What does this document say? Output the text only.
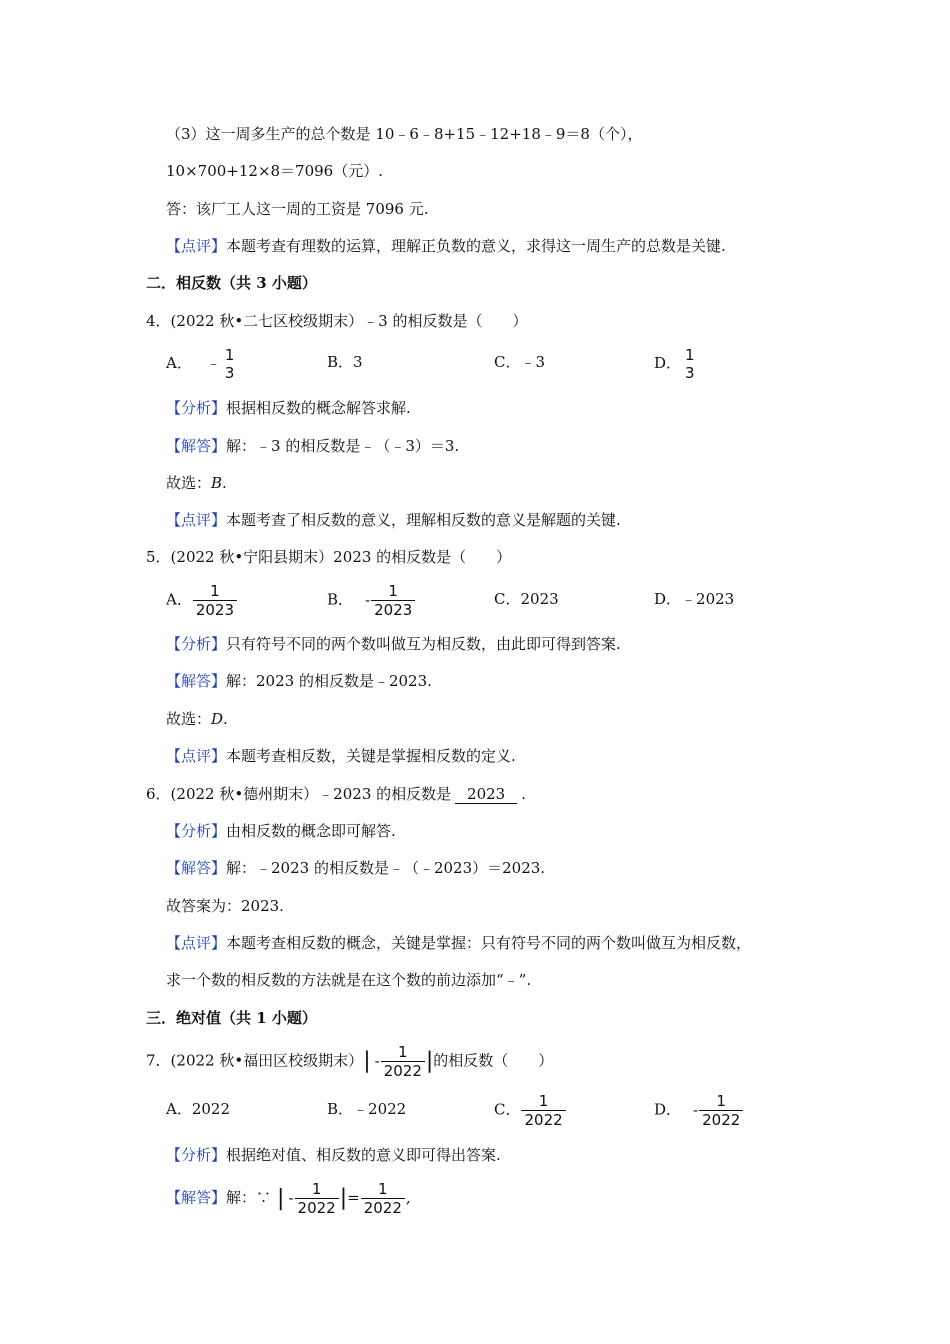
（3）这一周多生产的总个数是 10﹣6﹣8+15﹣12+18﹣9＝8（个），
10×700+12×8＝7096（元）.
答：该厂工人这一周的工资是 7096 元.
【点评】本题考查有理数的运算，理解正负数的意义，求得这一周生产的总数是关键.
二．相反数（共 3 小题）
4．(2022 秋•二七区校级期末）﹣3 的相反数是（　　）
A． ﹣ 1
3
B．3	C．﹣3	D． 1
3
【分析】根据相反数的概念解答求解.
【解答】解：﹣3 的相反数是﹣（﹣3）＝3.
故选：B.
【点评】本题考查了相反数的意义，理解相反数的意义是解题的关键.
5．(2022 秋•宁阳县期末）2023 的相反数是（　　）
A． $\frac{1}{2023}$	B． - $\frac{1}{2023}$	C．2023	D．﹣2023
【分析】只有符号不同的两个数叫做互为相反数，由此即可得到答案.
【解答】解：2023 的相反数是﹣2023.
故选：D.
【点评】本题考查相反数，关键是掌握相反数的定义.
6．(2022 秋•德州期末）﹣2023 的相反数是 2023 .
【分析】由相反数的概念即可解答.
【解答】解：﹣2023 的相反数是﹣（﹣2023）＝2023.
故答案为：2023.
【点评】本题考查相反数的概念，关键是掌握：只有符号不同的两个数叫做互为相反数，
求一个数的相反数的方法就是在这个数的前边添加“﹣”.
三．绝对值（共 1 小题）
7．(2022 秋•福田区校级期末）| - $\frac{1}{2022}$ |的相反数（　　）
A．2022	B．﹣2022	C． $\frac{1}{2022}$	D． - $\frac{1}{2022}$
【分析】根据绝对值、相反数的意义即可得出答案.
【解答】解：∵ | - $\frac{1}{2022}$ |= $\frac{1}{2022}$ ,
